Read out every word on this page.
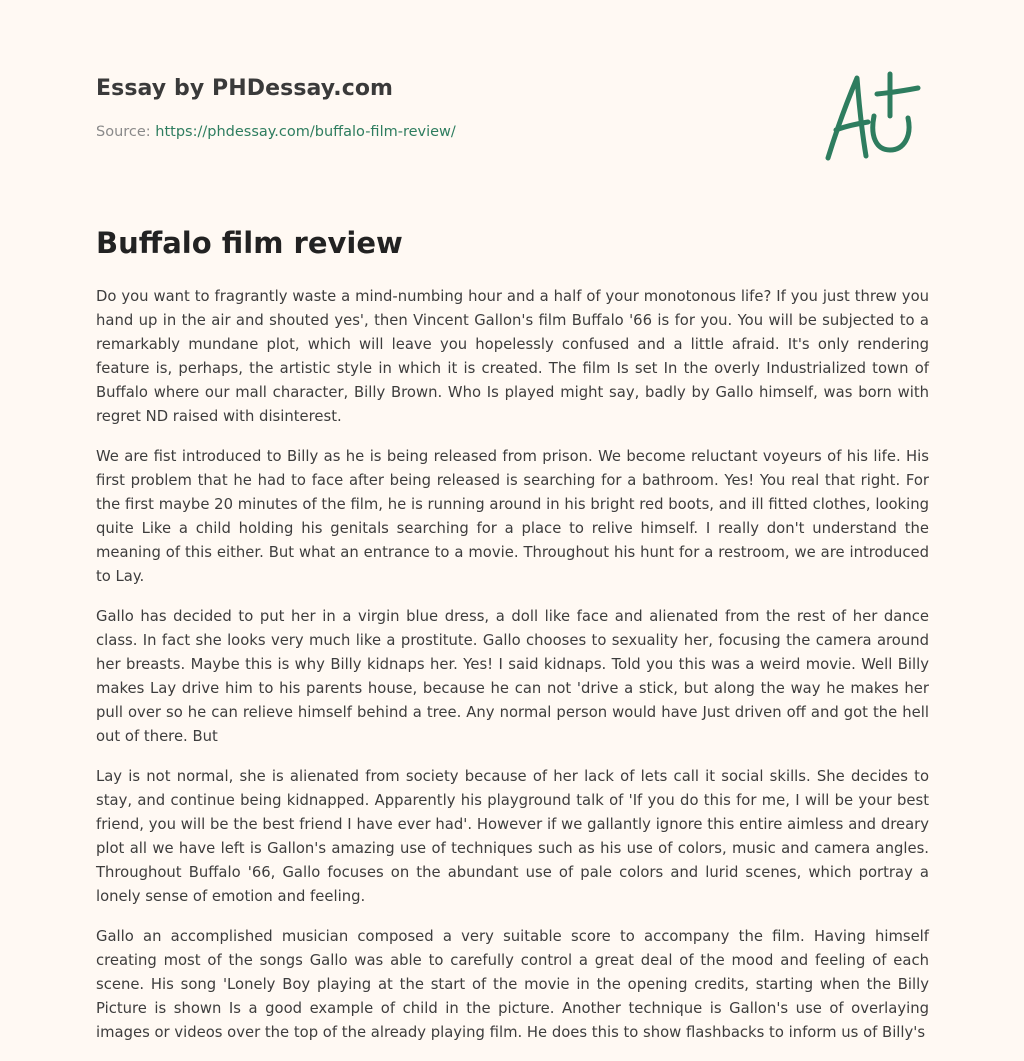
Essay by PHDessay.com
Source: https://phdessay.com/buffalo-film-review/
Buffalo film review

Do you want to fragrantly waste a mind-numbing hour and a half of your monotonous life? If you just threw you hand up in the air and shouted yes', then Vincent Gallon's film Buffalo '66 is for you. You will be subjected to a remarkably mundane plot, which will leave you hopelessly confused and a little afraid. It's only rendering feature is, perhaps, the artistic style in which it is created. The film Is set In the overly Industrialized town of Buffalo where our mall character, Billy Brown. Who Is played might say, badly by Gallo himself, was born with regret ND raised with disinterest.

We are fist introduced to Billy as he is being released from prison. We become reluctant voyeurs of his life. His first problem that he had to face after being released is searching for a bathroom. Yes! You real that right. For the first maybe 20 minutes of the film, he is running around in his bright red boots, and ill fitted clothes, looking quite Like a child holding his genitals searching for a place to relive himself. I really don't understand the meaning of this either. But what an entrance to a movie. Throughout his hunt for a restroom, we are introduced to Lay.

Gallo has decided to put her in a virgin blue dress, a doll like face and alienated from the rest of her dance class. In fact she looks very much like a prostitute. Gallo chooses to sexuality her, focusing the camera around her breasts. Maybe this is why Billy kidnaps her. Yes! I said kidnaps. Told you this was a weird movie. Well Billy makes Lay drive him to his parents house, because he can not 'drive a stick, but along the way he makes her pull over so he can relieve himself behind a tree. Any normal person would have Just driven off and got the hell out of there. But

Lay is not normal, she is alienated from society because of her lack of lets call it social skills. She decides to stay, and continue being kidnapped. Apparently his playground talk of 'If you do this for me, I will be your best friend, you will be the best friend I have ever had'. However if we gallantly ignore this entire aimless and dreary plot all we have left is Gallon's amazing use of techniques such as his use of colors, music and camera angles. Throughout Buffalo '66, Gallo focuses on the abundant use of pale colors and lurid scenes, which portray a lonely sense of emotion and feeling.

Gallo an accomplished musician composed a very suitable score to accompany the film. Having himself creating most of the songs Gallo was able to carefully control a great deal of the mood and feeling of each scene. His song 'Lonely Boy playing at the start of the movie in the opening credits, starting when the Billy Picture is shown Is a good example of child in the picture. Another technique is Gallon's use of overlaying images or videos over the top of the already playing film. He does this to show flashbacks to inform us of Billy's
